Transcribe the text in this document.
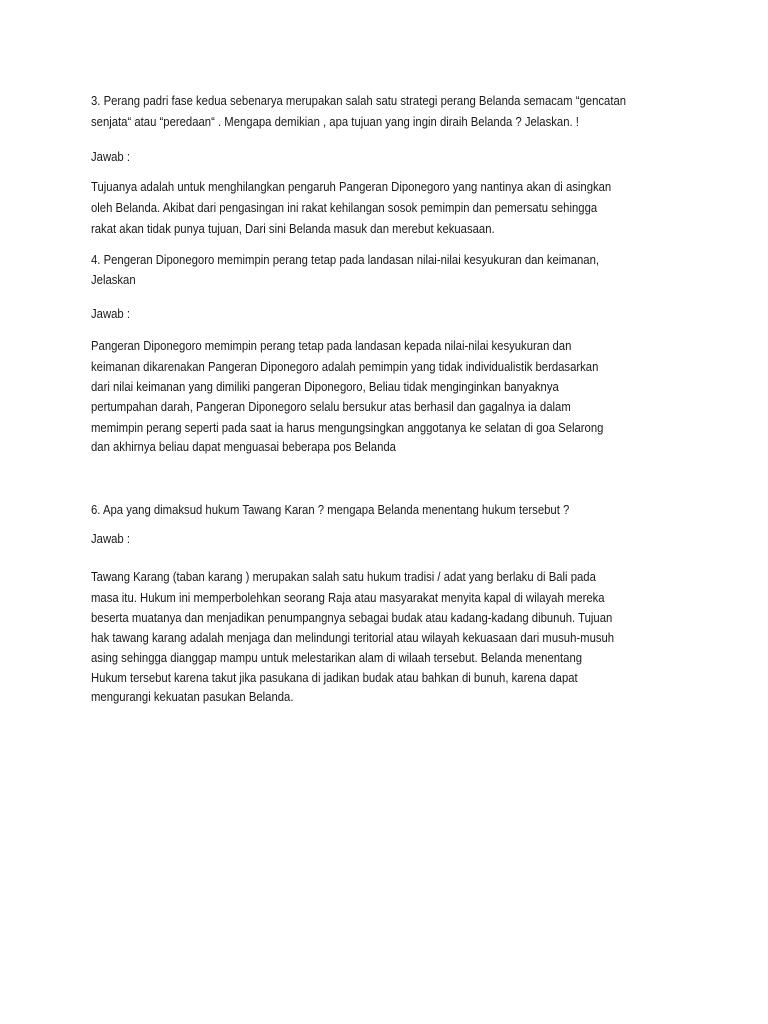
3. Perang padri fase kedua sebenarya merupakan salah satu strategi perang Belanda semacam “gencatan
senjata“ atau “peredaan“ . Mengapa demikian , apa tujuan yang ingin diraih Belanda ? Jelaskan. !
Jawab :
Tujuanya adalah untuk menghilangkan pengaruh Pangeran Diponegoro yang nantinya akan di asingkan
oleh Belanda. Akibat dari pengasingan ini rakat kehilangan sosok pemimpin dan pemersatu sehingga
rakat akan tidak punya tujuan, Dari sini Belanda masuk dan merebut kekuasaan.
4. Pengeran Diponegoro memimpin perang tetap pada landasan nilai-nilai kesyukuran dan keimanan,
Jelaskan
Jawab :
Pangeran Diponegoro memimpin perang tetap pada landasan kepada nilai-nilai kesyukuran dan
keimanan dikarenakan Pangeran Diponegoro adalah pemimpin yang tidak individualistik berdasarkan
dari nilai keimanan yang dimiliki pangeran Diponegoro, Beliau tidak menginginkan banyaknya
pertumpahan darah, Pangeran Diponegoro selalu bersukur atas berhasil dan gagalnya ia dalam
memimpin perang seperti pada saat ia harus mengungsingkan anggotanya ke selatan di goa Selarong
dan akhirnya beliau dapat menguasai beberapa pos Belanda
6. Apa yang dimaksud hukum Tawang Karan ? mengapa Belanda menentang hukum tersebut ?
Jawab :
Tawang Karang (taban karang ) merupakan salah satu hukum tradisi / adat yang berlaku di Bali pada
masa itu. Hukum ini memperbolehkan seorang Raja atau masyarakat menyita kapal di wilayah mereka
beserta muatanya dan menjadikan penumpangnya sebagai budak atau kadang-kadang dibunuh. Tujuan
hak tawang karang adalah menjaga dan melindungi teritorial atau wilayah kekuasaan dari musuh-musuh
asing sehingga dianggap mampu untuk melestarikan alam di wilaah tersebut. Belanda menentang
Hukum tersebut karena takut jika pasukana di jadikan budak atau bahkan di bunuh, karena dapat
mengurangi kekuatan pasukan Belanda.
